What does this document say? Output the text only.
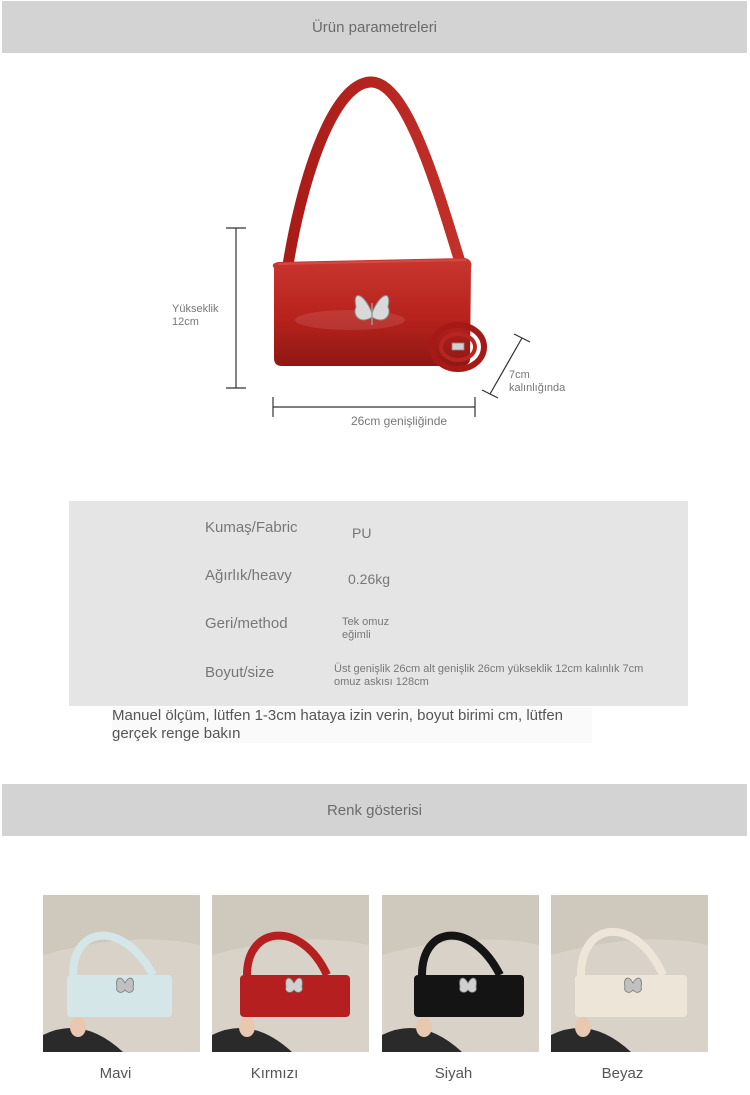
Ürün parametreleri
Yükseklik
12cm
26cm genişliğinde
7cm
kalınlığında
Kumaş/Fabric	PU
Ağırlık/heavy	0.26kg
Geri/method	Tek omuz
eğimli
Boyut/size	Üst genişlik 26cm alt genişlik 26cm yükseklik 12cm kalınlık 7cm
omuz askısı 128cm
Manuel ölçüm, lütfen 1-3cm hataya izin verin, boyut birimi cm, lütfen gerçek renge bakın
Renk gösterisi
Mavi	Kırmızı	Siyah	Beyaz
